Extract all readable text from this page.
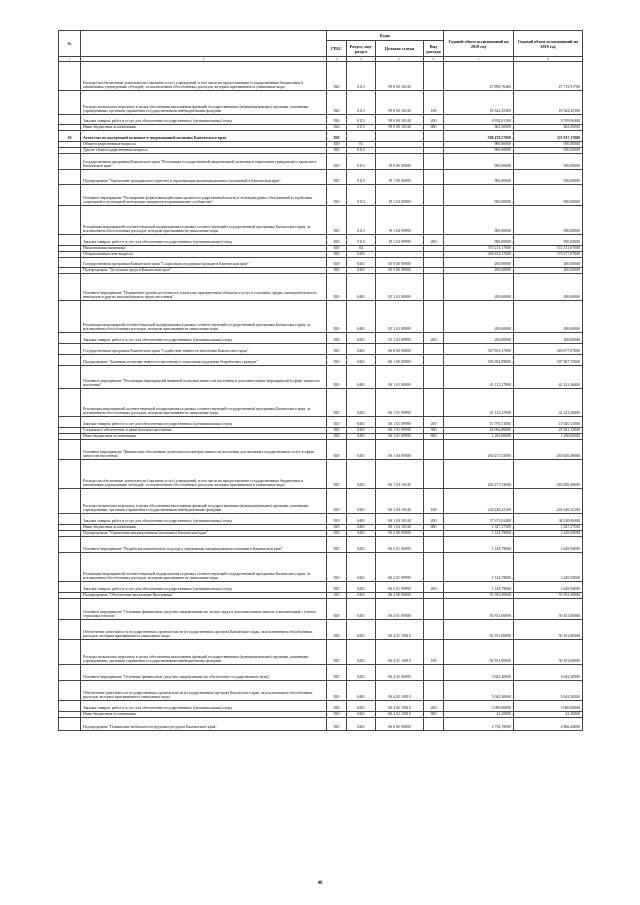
№		Коды				Годовой объем ассигнований на 2018 год	Годовой объем ассигнований на 2019 год
		ГРБС	Раздел, под-раздел	Целевая статья	Вид расхода		
1	2	3	4	5	6	7	8
	Расходы на обеспечение деятельности (оказание услуг) учреждений, в том числе на предоставление государственным бюджетным и автономным учреждениям субсидий, за исключением обособленных расходов, которым присваиваются уникальные коды	826	0113	99 0 00 10140		27 898,76400	27 715,91700
	Расходы на выплаты персоналу в целях обеспечения выполнения функций государственными (муниципальными) органами, казенными учреждениями, органами управления государственными внебюджетными фондами	826	0113	99 0 00 10140	100	18 342,45300	18 342,45300
	Закупка товаров, работ и услуг для обеспечения государственных (муниципальных) нужд	826	0113	99 0 00 10140	200	8 892,81100	8 709,96400
	Иные бюджетные ассигнования	826	0113	99 0 00 10140	800	663,50000	663,50000
30	Агентство по внутренней политике и миграционной политике Камчатского края	829				508 478,57000	511 917,17000
	Общегосударственные вопросы	829	01			900,00000	950,00000
	Другие общегосударственные вопросы	829	0113			900,00000	950,00000
	Государственная программа Камчатского края "Реализация государственной национальной политики и укрепление гражданского единства в Камчатском крае"	829	0113	19 0 00 00000		900,00000	950,00000
	Подпрограмма "Укрепление гражданского единства и гармонизация межнациональных отношений в Камчатском крае"	829	0113	19 1 00 00000		900,00000	950,00000
	Основное мероприятие "Расширение форм взаимодействия органов государственной власти и этнокультурных объединений в содействии социальной и культурной интеграции мигрантов в принимающее сообщество"	829	0113	19 1 04 00000		900,00000	950,00000
	Реализация мероприятий соответствующей подпрограммы в рамках соответствующей государственной программы Камчатского края, за исключением обособленных расходов, которым присваиваются уникальные коды	829	0113	19 1 04 09990		900,00000	950,00000
	Закупка товаров, работ и услуг для обеспечения государственных (муниципальных) нужд	829	0113	19 1 04 09990	200	900,00000	950,00000
	Национальная экономика	829	04			370 213,17000	372 131,07000
	Общеэкономические вопросы	829	0401			368 453,17000	370 277,07000
	Государственная программа Камчатского края "Социальная поддержка граждан в Камчатском крае"	829	0401	05 0 00 00000		200,00000	200,00000
	Подпрограмма "Доступная среда в Камчатском крае"	829	0401	05 3 00 00000		200,00000	200,00000
	Основное мероприятие "Повышение уровня доступности и качества приоритетных объектов и услуг в основных сферах жизнедеятельности инвалидов и других маломобильных групп населения"	829	0401	05 3 02 00000		200,00000	200,00000
	Реализация мероприятий соответствующей подпрограммы в рамках соответствующей государственной программы Камчатского края, за исключением обособленных расходов, которым присваиваются уникальные коды	829	0401	05 3 02 09990		200,00000	200,00000
	Закупка товаров, работ и услуг для обеспечения государственных (муниципальных) нужд	829	0401	05 3 02 09990	200	200,00000	200,00000
	Государственная программа Камчатского края "Содействие занятости населения Камчатского края"	829	0401	06 0 00 00000		367 853,17000	369 677,07000
	Подпрограмма "Активная политика занятости населения и социальная поддержка безработных граждан"	829	0401	06 1 00 00000		306 394,89000	307 967,75000
	Основное мероприятие "Реализация мероприятий активной политики занятости населения и дополнительных мероприятий в сфере занятости населения"	829	0401	06 1 01 00000		41 123,37000	42 141,26000
	Реализация мероприятий соответствующей подпрограммы в рамках соответствующей государственной программы Камчатского края, за исключением обособленных расходов, которым присваиваются уникальные коды	829	0401	06 1 01 09990		41 123,37000	42 141,26000
	Закупка товаров, работ и услуг для обеспечения государственных (муниципальных) нужд	829	0401	06 1 01 09990	200	15 795,51000	15 020,11000
	Социальное обеспечение и иные выплаты населению	829	0401	06 1 01 09990	300	24 062,86000	25 841,15000
	Иные бюджетные ассигнования	829	0401	06 1 01 09990	800	1 265,00000	1 280,00000
	Основное мероприятие "Финансовое обеспечение деятельности центров занятости населения для оказания государственных услуг в сфере занятости населения"	829	0401	06 1 04 00000		265 271,52000	265 826,49000
	Расходы на обеспечение деятельности (оказание услуг) учреждений, в том числе на предоставление государственным бюджетным и автономным учреждениям субсидий, за исключением обособленных расходов, которым присваиваются уникальные коды	829	0401	06 1 04 10140		265 271,52000	265 826,49000
	Расходы на выплаты персоналу в целях обеспечения выполнения функций государственными (муниципальными) органами, казенными учреждениями, органами управления государственными внебюджетными фондами	829	0401	06 1 04 10140	100	226 248,22100	226 248,22100
	Закупка товаров, работ и услуг для обеспечения государственных (муниципальных) нужд	829	0401	06 1 04 10140	200	37 675,92400	38 230,89400
	Иные бюджетные ассигнования	829	0401	06 1 04 10140	800	1 347,37500	1 347,37500
	Подпрограмма "Управление миграционными потоками в Камчатском крае"	829	0401	06 2 00 00000		1 314,79000	3 449,58000
	Основное мероприятие "Разработка комплексного подхода к управлению миграционными потоками в Камчатском крае"	829	0401	06 2 01 00000		1 314,79000	3 449,58000
	Реализация мероприятий соответствующей подпрограммы в рамках соответствующей государственной программы Камчатского края, за исключением обособленных расходов, которым присваиваются уникальные коды	829	0401	06 2 01 09990		1 314,79000	3 449,58000
	Закупка товаров, работ и услуг для обеспечения государственных (муниципальных) нужд	829	0401	06 2 01 09990	200	1 314,79000	3 449,58000
	Подпрограмма "Обеспечение реализации Программы"	829	0401	06 4 00 00000		55 393,30000	55 393,30000
	Основное мероприятие "Основные финансовые средства, направляемые на оплату труда и дополнительных выплат и компенсаций с учетом страховых взносов"	829	0401	06 4 01 00000		50 351,00000	50 351,00000
	Обеспечение деятельности государственных органов власти (государственных органов) Камчатского края, за исключением обособленных расходов, которым присваиваются уникальные коды	829	0401	06 4 01 10010		50 351,00000	50 351,00000
	Расходы на выплаты персоналу в целях обеспечения выполнения функций государственными (муниципальными) органами, казенными учреждениями, органами управления государственными внебюджетными фондами	829	0401	06 4 01 10010	100	50 351,00000	50 351,00000
	Основное мероприятие "Основные финансовые средства, направляемые на обеспечение государственных нужд"	829	0401	06 4 02 00000		5 042,30000	5 042,30000
	Обеспечение деятельности государственных органов власти (государственных органов) Камчатского края, за исключением обособленных расходов, которым присваиваются уникальные коды	829	0401	06 4 02 10010		5 042,30000	5 042,30000
	Закупка товаров, работ и услуг для обеспечения государственных (муниципальных) нужд	829	0401	06 4 02 10010	200	5 000,00000	5 000,00000
	Иные бюджетные ассигнования	829	0401	06 4 02 10010	800	42,30000	42,30000
	Подпрограмма "Повышение мобильности трудовых ресурсов Камчатского края"	829	0401	06 6 00 00000		2 758,19000	2 866,44000
48
